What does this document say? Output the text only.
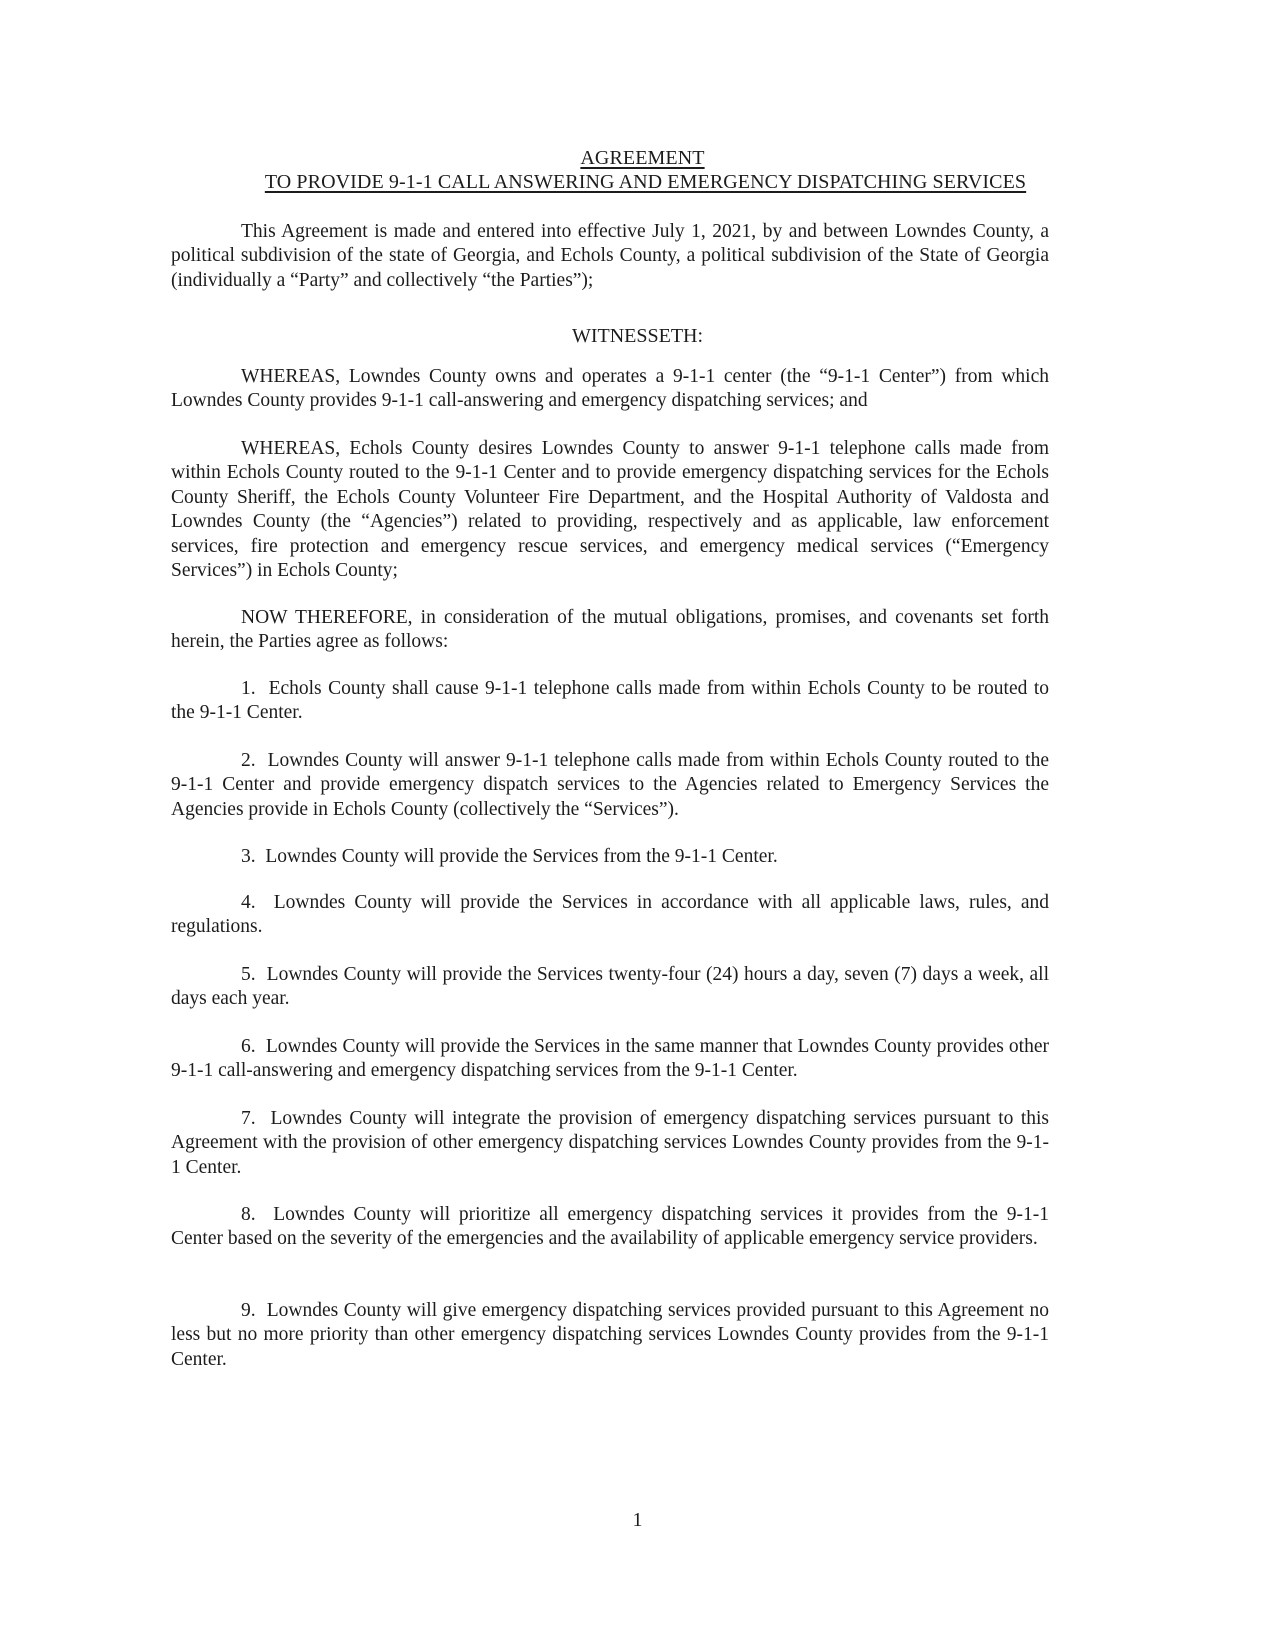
AGREEMENT
TO PROVIDE 9-1-1 CALL ANSWERING AND EMERGENCY DISPATCHING SERVICES

This Agreement is made and entered into effective July 1, 2021, by and between Lowndes County, a political subdivision of the state of Georgia, and Echols County, a political subdivision of the State of Georgia (individually a “Party” and collectively “the Parties”);

WITNESSETH:

WHEREAS, Lowndes County owns and operates a 9-1-1 center (the “9-1-1 Center”) from which Lowndes County provides 9-1-1 call-answering and emergency dispatching services; and

WHEREAS, Echols County desires Lowndes County to answer 9-1-1 telephone calls made from within Echols County routed to the 9-1-1 Center and to provide emergency dispatching services for the Echols County Sheriff, the Echols County Volunteer Fire Department, and the Hospital Authority of Valdosta and Lowndes County (the “Agencies”) related to providing, respectively and as applicable, law enforcement services, fire protection and emergency rescue services, and emergency medical services (“Emergency Services”) in Echols County;

NOW THEREFORE, in consideration of the mutual obligations, promises, and covenants set forth herein, the Parties agree as follows:

1. Echols County shall cause 9-1-1 telephone calls made from within Echols County to be routed to the 9-1-1 Center.

2. Lowndes County will answer 9-1-1 telephone calls made from within Echols County routed to the 9-1-1 Center and provide emergency dispatch services to the Agencies related to Emergency Services the Agencies provide in Echols County (collectively the “Services”).

3. Lowndes County will provide the Services from the 9-1-1 Center.

4. Lowndes County will provide the Services in accordance with all applicable laws, rules, and regulations.

5. Lowndes County will provide the Services twenty-four (24) hours a day, seven (7) days a week, all days each year.

6. Lowndes County will provide the Services in the same manner that Lowndes County provides other 9-1-1 call-answering and emergency dispatching services from the 9-1-1 Center.

7. Lowndes County will integrate the provision of emergency dispatching services pursuant to this Agreement with the provision of other emergency dispatching services Lowndes County provides from the 9-1-1 Center.

8. Lowndes County will prioritize all emergency dispatching services it provides from the 9-1-1 Center based on the severity of the emergencies and the availability of applicable emergency service providers.

9. Lowndes County will give emergency dispatching services provided pursuant to this Agreement no less but no more priority than other emergency dispatching services Lowndes County provides from the 9-1-1 Center.

1
